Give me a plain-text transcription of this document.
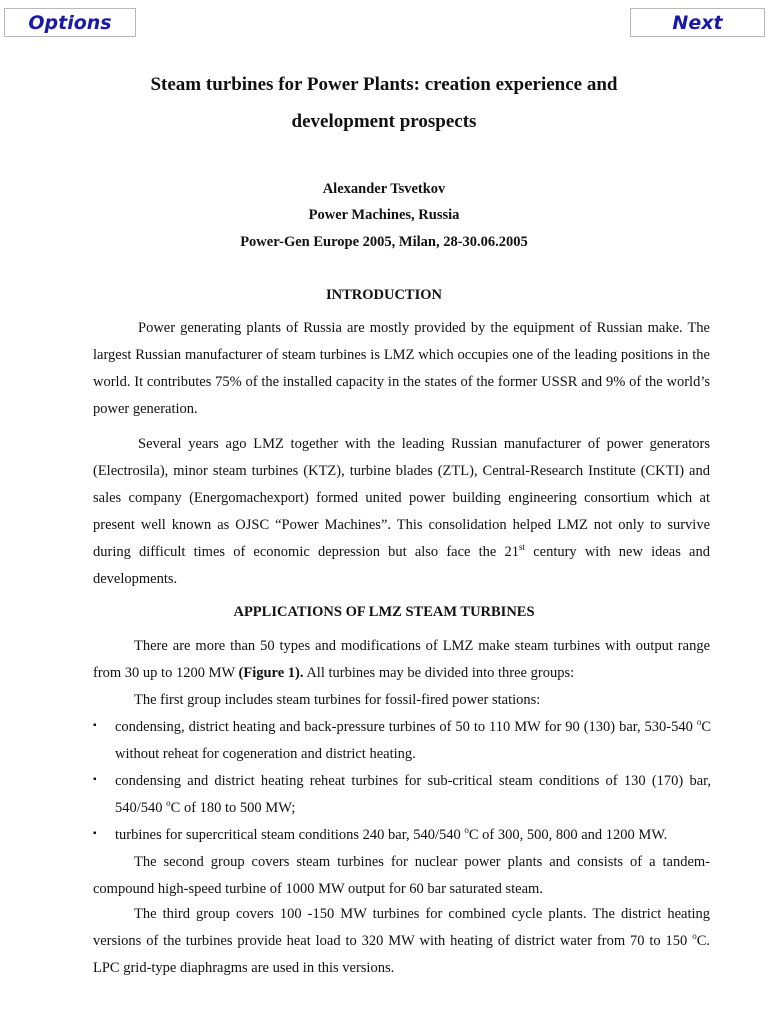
Options	Next
Steam turbines for Power Plants: creation experience and
development prospects
Alexander Tsvetkov
Power Machines, Russia
Power-Gen Europe 2005, Milan, 28-30.06.2005
INTRODUCTION

Power generating plants of Russia are mostly provided by the equipment of Russian make. The largest Russian manufacturer of steam turbines is LMZ which occupies one of the leading positions in the world. It contributes 75% of the installed capacity in the states of the former USSR and 9% of the world’s power generation.

Several years ago LMZ together with the leading Russian manufacturer of power generators (Electrosila), minor steam turbines (KTZ), turbine blades (ZTL), Central-Research Institute (CKTI) and sales company (Energomachexport) formed united power building engineering consortium which at present well known as OJSC “Power Machines”. This consolidation helped LMZ not only to survive during difficult times of economic depression but also face the 21st century with new ideas and developments.

APPLICATIONS OF LMZ STEAM TURBINES

There are more than 50 types and modifications of LMZ make steam turbines with output range from 30 up to 1200 MW (Figure 1). All turbines may be divided into three groups:

The first group includes steam turbines for fossil-fired power stations:

▪ condensing, district heating and back-pressure turbines of 50 to 110 MW for 90 (130) bar, 530-540 $^o$C without reheat for cogeneration and district heating.

▪ condensing and district heating reheat turbines for sub-critical steam conditions of 130 (170) bar, 540/540 $^o$C of 180 to 500 MW;

▪ turbines for supercritical steam conditions 240 bar, 540/540 $^o$C of 300, 500, 800 and 1200 MW.

The second group covers steam turbines for nuclear power plants and consists of a tandem-compound high-speed turbine of 1000 MW output for 60 bar saturated steam.

The third group covers 100 -150 MW turbines for combined cycle plants. The district heating versions of the turbines provide heat load to 320 MW with heating of district water from 70 to 150 $^o$C. LPC grid-type diaphragms are used in this versions.
